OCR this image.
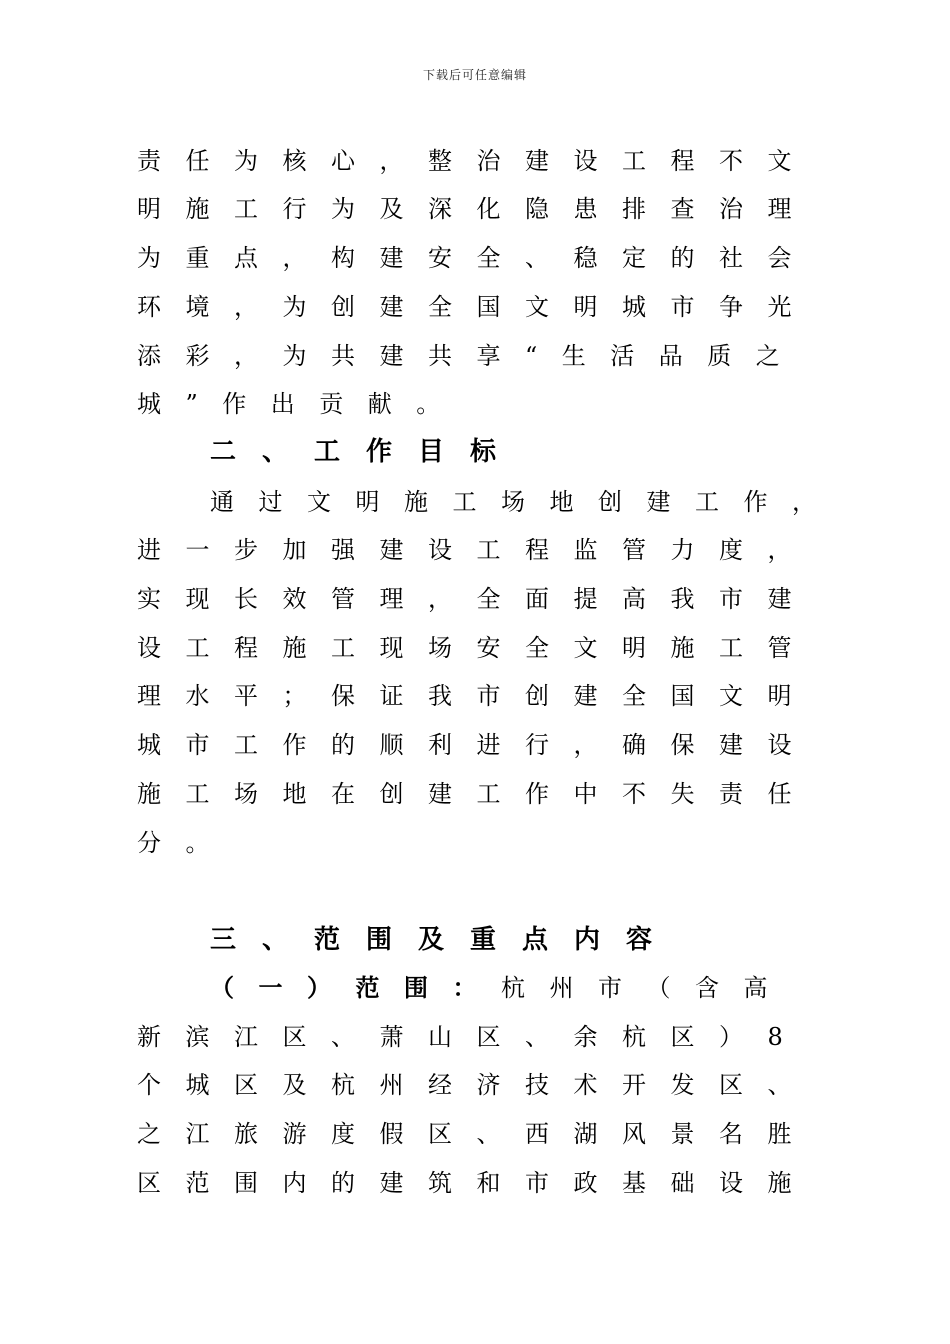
下载后可任意编辑
责任为核心，整治建设工程不文
明施工行为及深化隐患排查治理
为重点，构建安全、稳定的社会
环境，为创建全国文明城市争光
添彩，为共建共享“生活品质之
城”作出贡献。
二、工作目标
通过文明施工场地创建工作，
进一步加强建设工程监管力度，
实现长效管理，全面提高我市建
设工程施工现场安全文明施工管
理水平；保证我市创建全国文明
城市工作的顺利进行，确保建设
施工场地在创建工作中不失责任
分。
三、范围及重点内容
（一）范围：杭州市（含高
新滨江区、萧山区、余杭区）8
个城区及杭州经济技术开发区、
之江旅游度假区、西湖风景名胜
区范围内的建筑和市政基础设施
